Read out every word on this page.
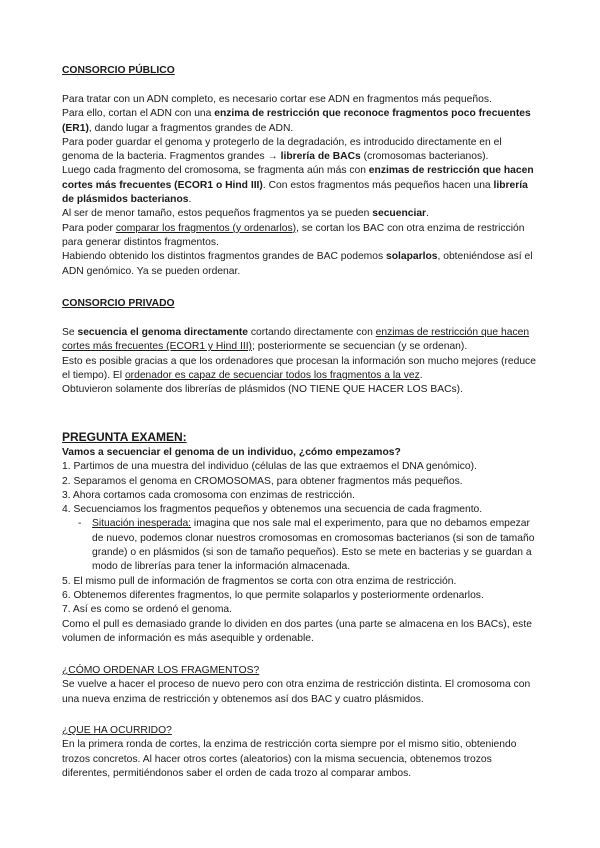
CONSORCIO PÚBLICO
Para tratar con un ADN completo, es necesario cortar ese ADN en fragmentos más pequeños.
Para ello, cortan el ADN con una enzima de restricción que reconoce fragmentos poco frecuentes (ER1), dando lugar a fragmentos grandes de ADN.
Para poder guardar el genoma y protegerlo de la degradación, es introducido directamente en el genoma de la bacteria. Fragmentos grandes → librería de BACs (cromosomas bacterianos).
Luego cada fragmento del cromosoma, se fragmenta aún más con enzimas de restricción que hacen cortes más frecuentes (ECOR1 o Hind III). Con estos fragmentos más pequeños hacen una librería de plásmidos bacterianos.
Al ser de menor tamaño, estos pequeños fragmentos ya se pueden secuenciar.
Para poder comparar los fragmentos (y ordenarlos), se cortan los BAC con otra enzima de restricción para generar distintos fragmentos.
Habiendo obtenido los distintos fragmentos grandes de BAC podemos solaparlos, obteniéndose así el ADN genómico. Ya se pueden ordenar.
CONSORCIO PRIVADO
Se secuencia el genoma directamente cortando directamente con enzimas de restricción que hacen cortes más frecuentes (ECOR1 y Hind III); posteriormente se secuencian (y se ordenan).
Esto es posible gracias a que los ordenadores que procesan la información son mucho mejores (reduce el tiempo). El ordenador es capaz de secuenciar todos los fragmentos a la vez.
Obtuvieron solamente dos librerías de plásmidos (NO TIENE QUE HACER LOS BACs).
PREGUNTA EXAMEN:
Vamos a secuenciar el genoma de un individuo, ¿cómo empezamos?
1. Partimos de una muestra del individuo (células de las que extraemos el DNA genómico).
2. Separamos el genoma en CROMOSOMAS, para obtener fragmentos más pequeños.
3. Ahora cortamos cada cromosoma con enzimas de restricción.
4. Secuenciamos los fragmentos pequeños y obtenemos una secuencia de cada fragmento.
-	Situación inesperada: imagina que nos sale mal el experimento, para que no debamos empezar de nuevo, podemos clonar nuestros cromosomas en cromosomas bacterianos (si son de tamaño grande) o en plásmidos (si son de tamaño pequeños). Esto se mete en bacterias y se guardan a modo de librerías para tener la información almacenada.
5. El mismo pull de información de fragmentos se corta con otra enzima de restricción.
6. Obtenemos diferentes fragmentos, lo que permite solaparlos y posteriormente ordenarlos.
7. Así es como se ordenó el genoma.
Como el pull es demasiado grande lo dividen en dos partes (una parte se almacena en los BACs), este volumen de información es más asequible y ordenable.
¿CÓMO ORDENAR LOS FRAGMENTOS?
Se vuelve a hacer el proceso de nuevo pero con otra enzima de restricción distinta. El cromosoma con una nueva enzima de restricción y obtenemos así dos BAC y cuatro plásmidos.
¿QUE HA OCURRIDO?
En la primera ronda de cortes, la enzima de restricción corta siempre por el mismo sitio, obteniendo trozos concretos. Al hacer otros cortes (aleatorios) con la misma secuencia, obtenemos trozos diferentes, permitiéndonos saber el orden de cada trozo al comparar ambos.
